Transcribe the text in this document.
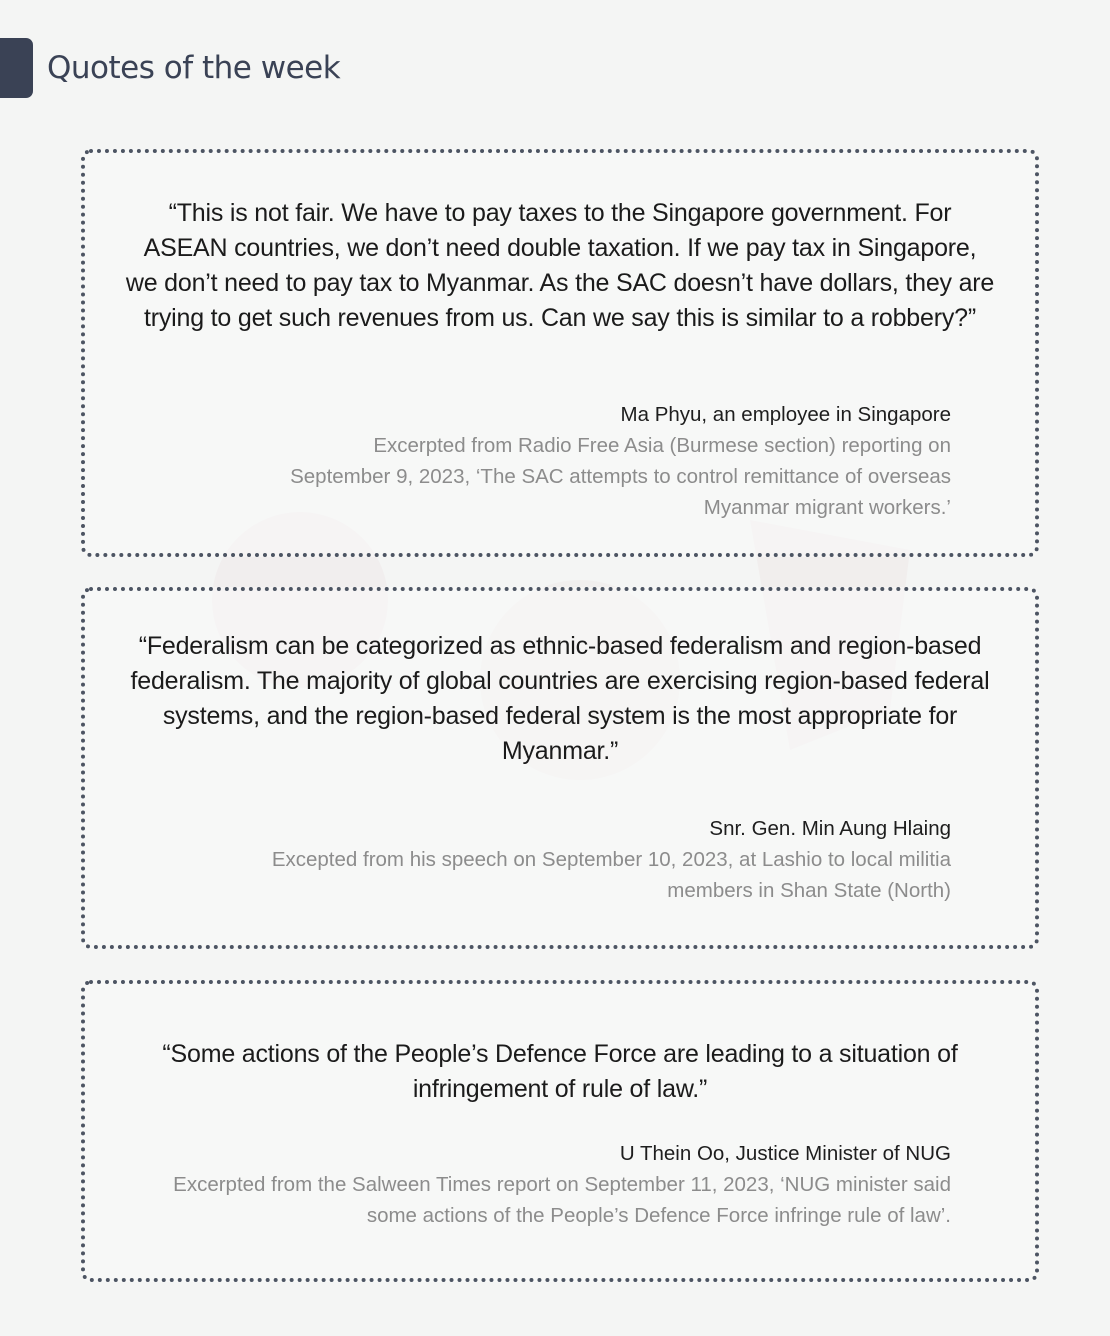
Quotes of the week

“This is not fair. We have to pay taxes to the Singapore government. For ASEAN countries, we don’t need double taxation. If we pay tax in Singapore, we don’t need to pay tax to Myanmar. As the SAC doesn’t have dollars, they are trying to get such revenues from us. Can we say this is similar to a robbery?”

Ma Phyu, an employee in Singapore
Excerpted from Radio Free Asia (Burmese section) reporting on September 9, 2023, ‘The SAC attempts to control remittance of overseas Myanmar migrant workers.’

“Federalism can be categorized as ethnic-based federalism and region-based federalism. The majority of global countries are exercising region-based federal systems, and the region-based federal system is the most appropriate for Myanmar.”

Snr. Gen. Min Aung Hlaing
Excepted from his speech on September 10, 2023, at Lashio to local militia members in Shan State (North)

“Some actions of the People’s Defence Force are leading to a situation of infringement of rule of law.”

U Thein Oo, Justice Minister of NUG
Excerpted from the Salween Times report on September 11, 2023, ‘NUG minister said some actions of the People’s Defence Force infringe rule of law’.
